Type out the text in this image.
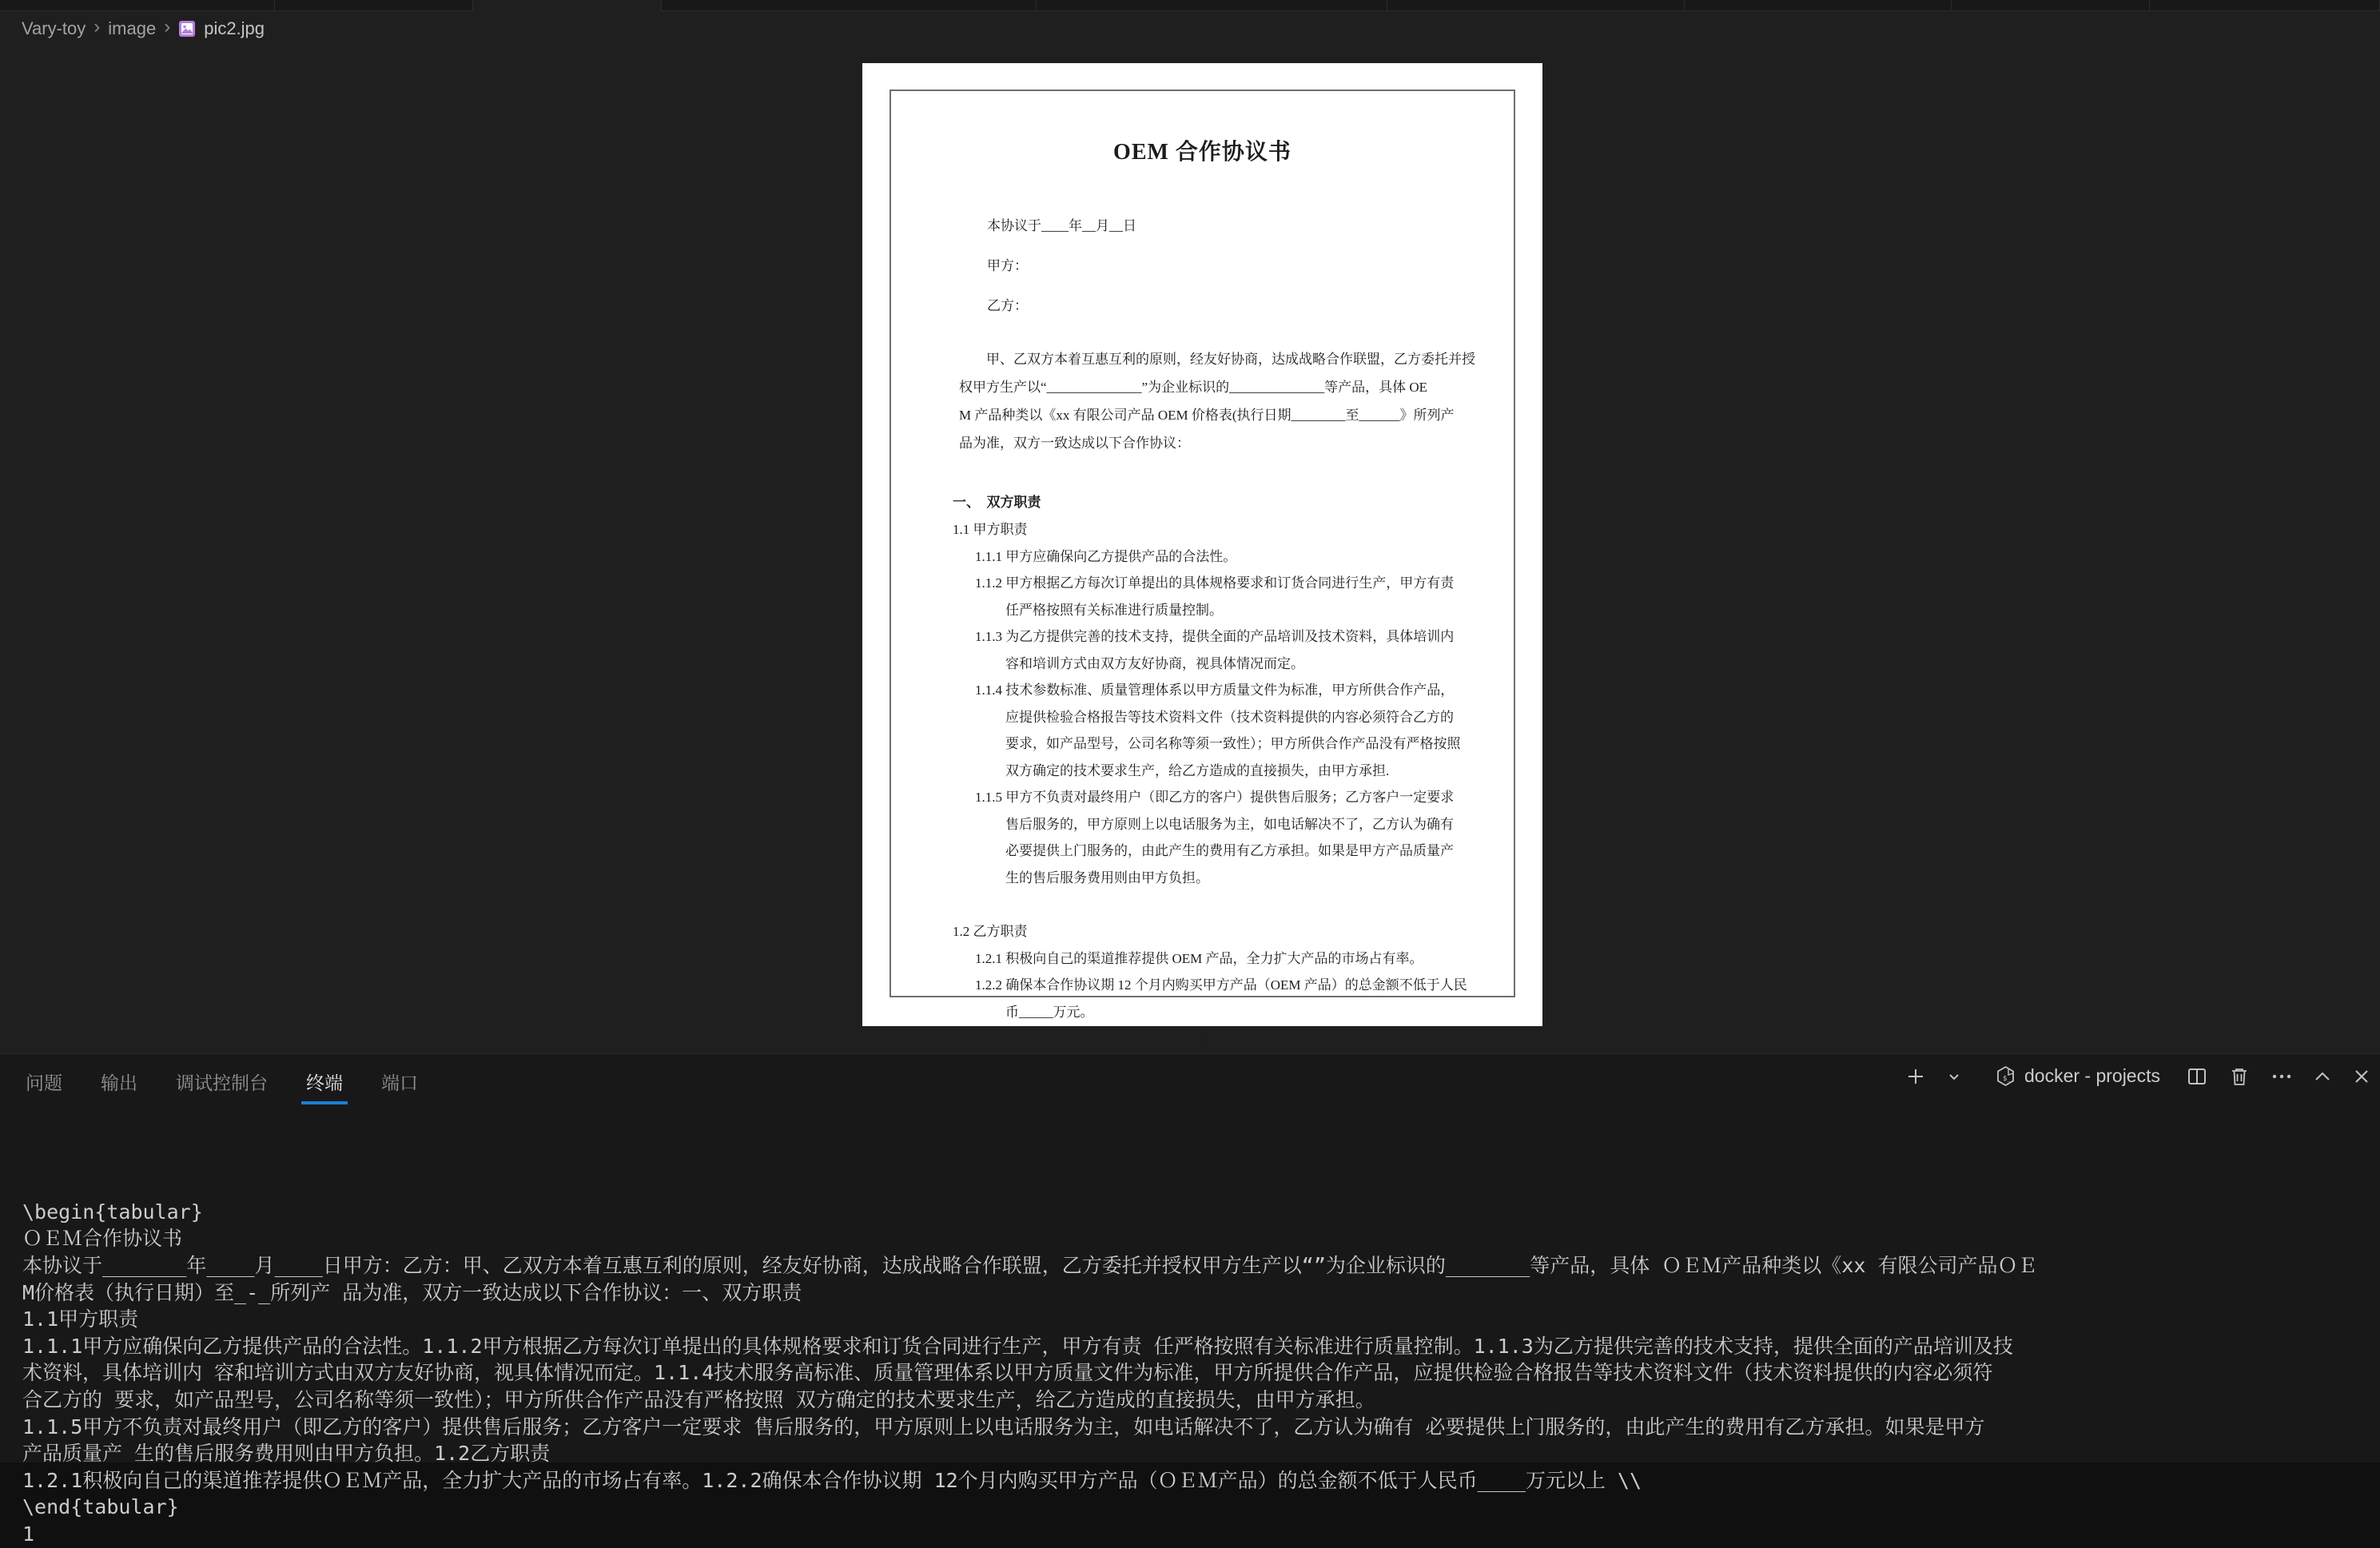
Vary-toy › image › pic2.jpg
OEM 合作协议书
本协议于____年__月__日
甲方：
乙方：
甲、乙双方本着互惠互利的原则，经友好协商，达成战略合作联盟，乙方委托并授
权甲方生产以“______________”为企业标识的______________等产品，具体 OE
M 产品种类以《xx 有限公司产品 OEM 价格表(执行日期________至______》所列产
品为准，双方一致达成以下合作协议：
一、　双方职责
1.1 甲方职责
1.1.1 甲方应确保向乙方提供产品的合法性。
1.1.2 甲方根据乙方每次订单提出的具体规格要求和订货合同进行生产，甲方有责
任严格按照有关标准进行质量控制。
1.1.3 为乙方提供完善的技术支持，提供全面的产品培训及技术资料，具体培训内
容和培训方式由双方友好协商，视具体情况而定。
1.1.4 技术参数标准、质量管理体系以甲方质量文件为标准，甲方所供合作产品，
应提供检验合格报告等技术资料文件（技术资料提供的内容必须符合乙方的
要求，如产品型号，公司名称等须一致性）；甲方所供合作产品没有严格按照
双方确定的技术要求生产，给乙方造成的直接损失，由甲方承担.
1.1.5 甲方不负责对最终用户（即乙方的客户）提供售后服务；乙方客户一定要求
售后服务的，甲方原则上以电话服务为主，如电话解决不了，乙方认为确有
必要提供上门服务的，由此产生的费用有乙方承担。如果是甲方产品质量产
生的售后服务费用则由甲方负担。
1.2 乙方职责
1.2.1 积极向自己的渠道推荐提供 OEM 产品，全力扩大产品的市场占有率。
1.2.2 确保本合作协议期 12 个月内购买甲方产品（OEM 产品）的总金额不低于人民
币_____万元。
1
问题 输出 调试控制台 终端 端口	$_ docker - projects

\begin{tabular}
ＯＥＭ合作协议书
本协议于_______年____月____日甲方：乙方：甲、乙双方本着互惠互利的原则，经友好协商，达成战略合作联盟，乙方委托并授权甲方生产以“”为企业标识的_______等产品，具体 ＯＥＭ产品种类以《xx 有限公司产品ＯＥ
M价格表（执行日期）至_-_所列产 品为准，双方一致达成以下合作协议：一、双方职责
1.1甲方职责
1.1.1甲方应确保向乙方提供产品的合法性。1.1.2甲方根据乙方每次订单提出的具体规格要求和订货合同进行生产，甲方有责 任严格按照有关标准进行质量控制。1.1.3为乙方提供完善的技术支持，提供全面的产品培训及技
术资料，具体培训内 容和培训方式由双方友好协商，视具体情况而定。1.1.4技术服务高标准、质量管理体系以甲方质量文件为标准，甲方所提供合作产品，应提供检验合格报告等技术资料文件（技术资料提供的内容必须符
合乙方的 要求，如产品型号，公司名称等须一致性）；甲方所供合作产品没有严格按照 双方确定的技术要求生产，给乙方造成的直接损失，由甲方承担。
1.1.5甲方不负责对最终用户（即乙方的客户）提供售后服务；乙方客户一定要求 售后服务的，甲方原则上以电话服务为主，如电话解决不了，乙方认为确有 必要提供上门服务的，由此产生的费用有乙方承担。如果是甲方
产品质量产 生的售后服务费用则由甲方负担。1.2乙方职责
1.2.1积极向自己的渠道推荐提供ＯＥＭ产品，全力扩大产品的市场占有率。1.2.2确保本合作协议期 12个月内购买甲方产品（ＯＥＭ产品）的总金额不低于人民币____万元以上 \\
\end{tabular}
1
